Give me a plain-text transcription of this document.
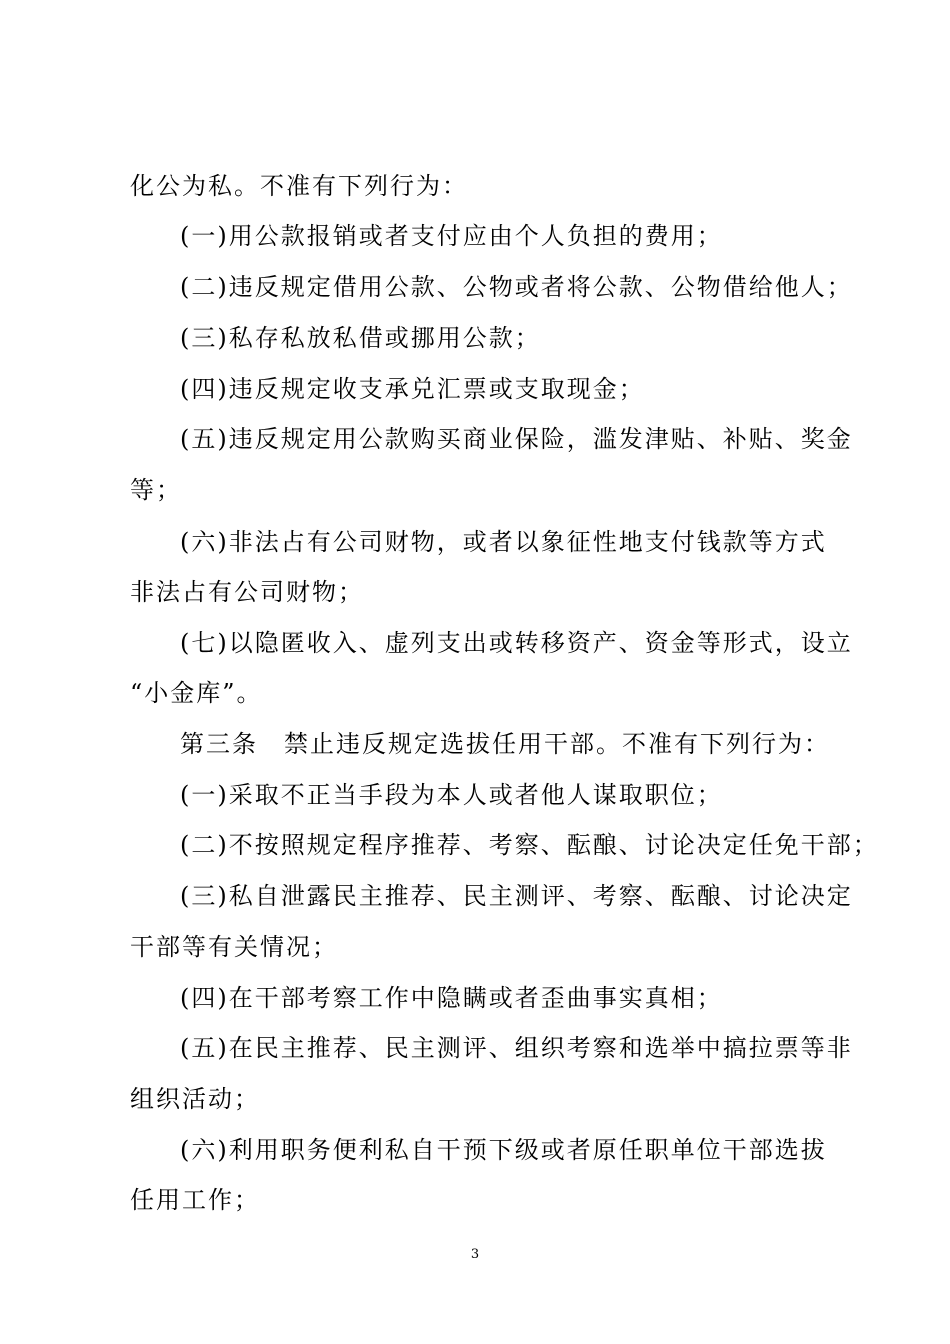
化公为私。不准有下列行为：
(一)用公款报销或者支付应由个人负担的费用；
(二)违反规定借用公款、公物或者将公款、公物借给他人；
(三)私存私放私借或挪用公款；
(四)违反规定收支承兑汇票或支取现金；
(五)违反规定用公款购买商业保险，滥发津贴、补贴、奖金
等；
(六)非法占有公司财物，或者以象征性地支付钱款等方式
非法占有公司财物；
(七)以隐匿收入、虚列支出或转移资产、资金等形式，设立
“小金库”。
第三条　禁止违反规定选拔任用干部。不准有下列行为：
(一)采取不正当手段为本人或者他人谋取职位；
(二)不按照规定程序推荐、考察、酝酿、讨论决定任免干部；
(三)私自泄露民主推荐、民主测评、考察、酝酿、讨论决定
干部等有关情况；
(四)在干部考察工作中隐瞒或者歪曲事实真相；
(五)在民主推荐、民主测评、组织考察和选举中搞拉票等非
组织活动；
(六)利用职务便利私自干预下级或者原任职单位干部选拔
任用工作；
3
